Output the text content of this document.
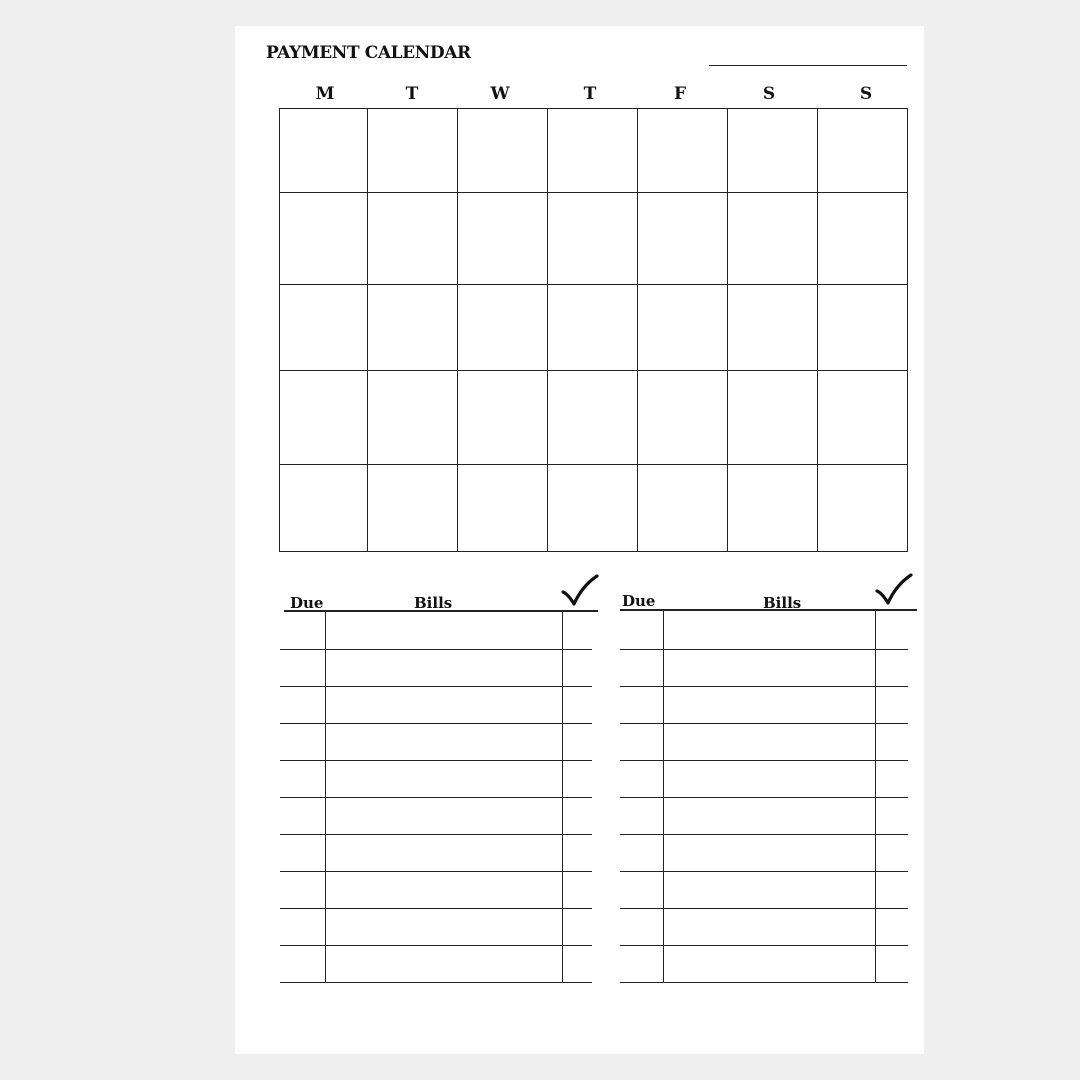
PAYMENT CALENDAR
M	T	W	T	F	S	S
Due	Bills	Due	Bills
